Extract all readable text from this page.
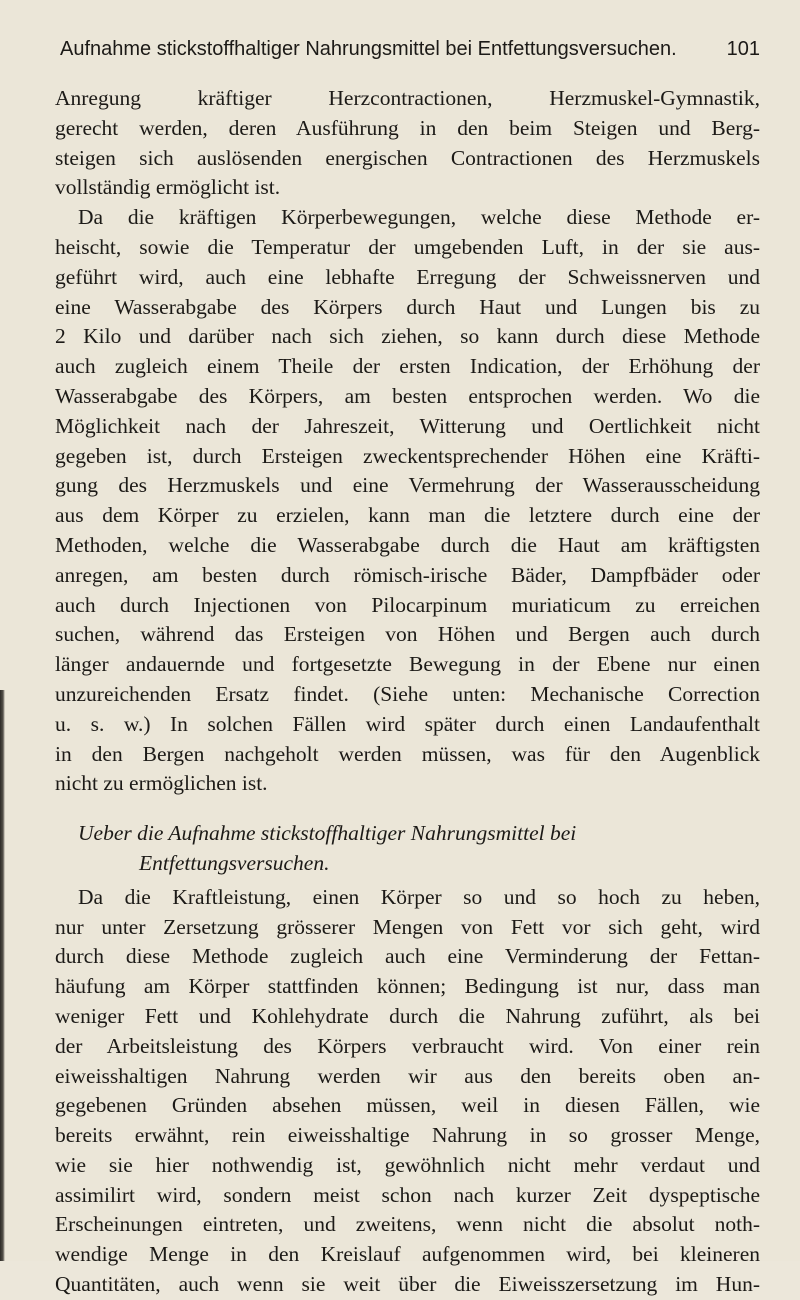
Aufnahme stickstoffhaltiger Nahrungsmittel bei Entfettungsversuchen. 101
Anregung kräftiger Herzcontractionen, Herzmuskel-Gymnastik,
gerecht werden, deren Ausführung in den beim Steigen und Berg-
steigen sich auslösenden energischen Contractionen des Herzmuskels
vollständig ermöglicht ist.
Da die kräftigen Körperbewegungen, welche diese Methode er-
heischt, sowie die Temperatur der umgebenden Luft, in der sie aus-
geführt wird, auch eine lebhafte Erregung der Schweissnerven und
eine Wasserabgabe des Körpers durch Haut und Lungen bis zu
2 Kilo und darüber nach sich ziehen, so kann durch diese Methode
auch zugleich einem Theile der ersten Indication, der Erhöhung der
Wasserabgabe des Körpers, am besten entsprochen werden. Wo die
Möglichkeit nach der Jahreszeit, Witterung und Oertlichkeit nicht
gegeben ist, durch Ersteigen zweckentsprechender Höhen eine Kräfti-
gung des Herzmuskels und eine Vermehrung der Wasserausscheidung
aus dem Körper zu erzielen, kann man die letztere durch eine der
Methoden, welche die Wasserabgabe durch die Haut am kräftigsten
anregen, am besten durch römisch-irische Bäder, Dampfbäder oder
auch durch Injectionen von Pilocarpinum muriaticum zu erreichen
suchen, während das Ersteigen von Höhen und Bergen auch durch
länger andauernde und fortgesetzte Bewegung in der Ebene nur einen
unzureichenden Ersatz findet. (Siehe unten: Mechanische Correction
u. s. w.) In solchen Fällen wird später durch einen Landaufenthalt
in den Bergen nachgeholt werden müssen, was für den Augenblick
nicht zu ermöglichen ist.
Ueber die Aufnahme stickstoffhaltiger Nahrungsmittel bei
Entfettungsversuchen.
Da die Kraftleistung, einen Körper so und so hoch zu heben,
nur unter Zersetzung grösserer Mengen von Fett vor sich geht, wird
durch diese Methode zugleich auch eine Verminderung der Fettan-
häufung am Körper stattfinden können; Bedingung ist nur, dass man
weniger Fett und Kohlehydrate durch die Nahrung zuführt, als bei
der Arbeitsleistung des Körpers verbraucht wird. Von einer rein
eiweisshaltigen Nahrung werden wir aus den bereits oben an-
gegebenen Gründen absehen müssen, weil in diesen Fällen, wie
bereits erwähnt, rein eiweisshaltige Nahrung in so grosser Menge,
wie sie hier nothwendig ist, gewöhnlich nicht mehr verdaut und
assimilirt wird, sondern meist schon nach kurzer Zeit dyspeptische
Erscheinungen eintreten, und zweitens, wenn nicht die absolut noth-
wendige Menge in den Kreislauf aufgenommen wird, bei kleineren
Quantitäten, auch wenn sie weit über die Eiweisszersetzung im Hun-
